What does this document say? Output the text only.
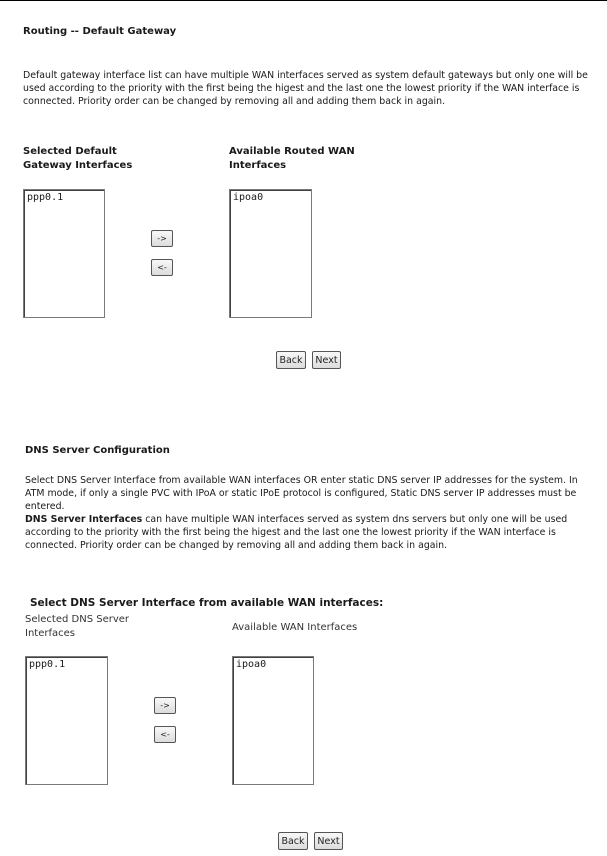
Routing -- Default Gateway
Default gateway interface list can have multiple WAN interfaces served as system default gateways but only one will be used according to the priority with the first being the higest and the last one the lowest priority if the WAN interface is connected. Priority order can be changed by removing all and adding them back in again.
Selected Default
Gateway Interfaces
Available Routed WAN
Interfaces
ppp0.1	ipoa0
->
<-
Back	Next
DNS Server Configuration
Select DNS Server Interface from available WAN interfaces OR enter static DNS server IP addresses for the system. In ATM mode, if only a single PVC with IPoA or static IPoE protocol is configured, Static DNS server IP addresses must be entered.
DNS Server Interfaces can have multiple WAN interfaces served as system dns servers but only one will be used according to the priority with the first being the higest and the last one the lowest priority if the WAN interface is connected. Priority order can be changed by removing all and adding them back in again.
Select DNS Server Interface from available WAN interfaces:
Selected DNS Server
Interfaces
Available WAN Interfaces
ppp0.1	ipoa0
->
<-
Back	Next
